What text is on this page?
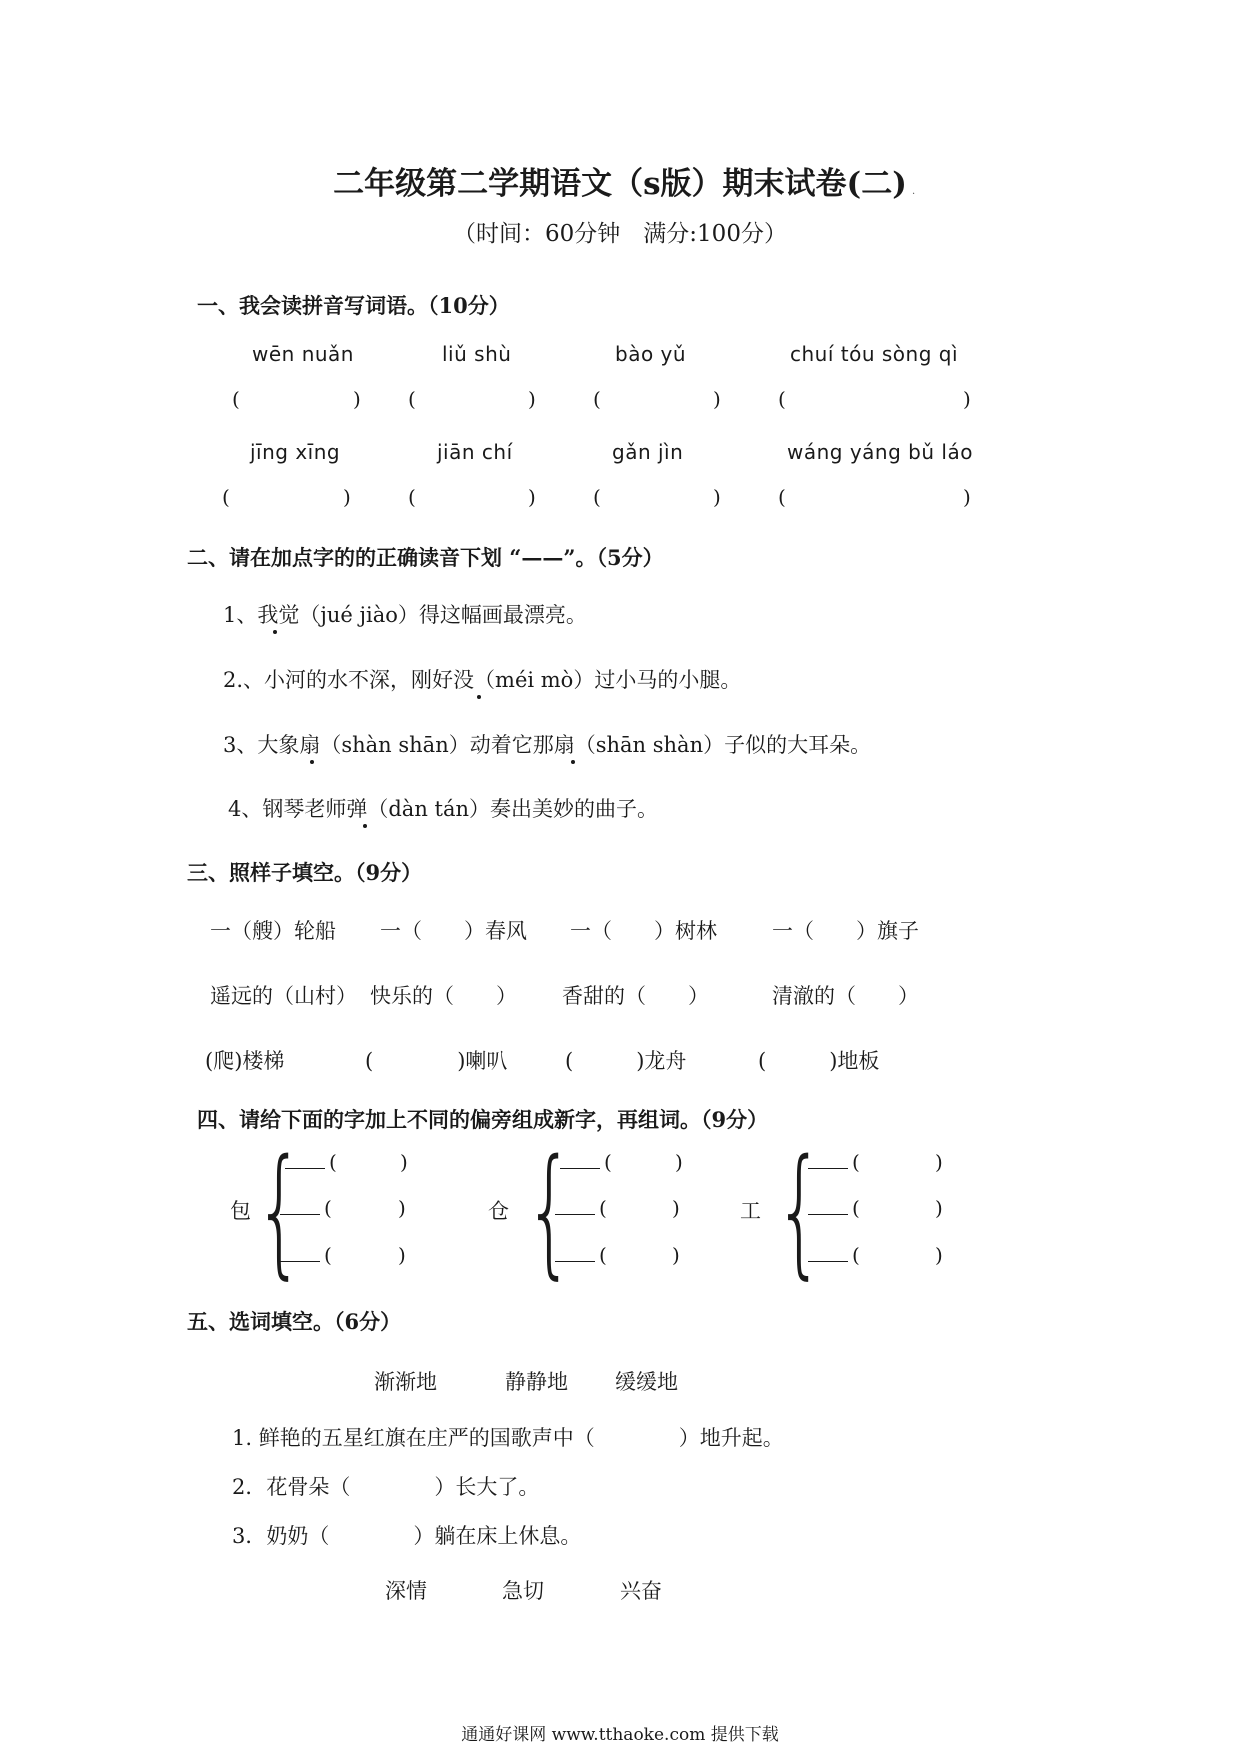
二年级第二学期语文（s版）期末试卷(二) .
（时间：60分钟　满分:100分）
一、我会读拼音写词语。（10分）
wēn nuǎn	liǔ shù	bào yǔ	chuí tóu sòng qì
(	) (	)	(	)	(	)
jīng xīng	jiān chí	gǎn jìn	wáng yáng bǔ láo
(	)	(	)	(	)	(	)
二、请在加点字的的正确读音下划 “——”。（5分）
1、我觉（jué jiào）得这幅画最漂亮。
2.、小河的水不深，刚好没（méi mò）过小马的小腿。
3、大象扇（shàn shān）动着它那扇（shān shàn）子似的大耳朵。
4、钢琴老师弹（dàn tán）奏出美妙的曲子。
三、照样子填空。（9分）
一（艘）轮船 一（　　）春风 一（　　）树林	一（　　）旗子
遥远的（山村） 快乐的（　　） 香甜的（　　）	清澈的（　　）
(爬)楼梯	(　　　　)喇叭	(　　　)龙舟	(　　　)地板
四、请给下面的字加上不同的偏旁组成新字，再组词。（9分）
包 {	(	)
(	)
(	)
仓 {	(	)
(	)
(	)
工 {	(	)
(	)
(	)
五、选词填空。（6分）
渐渐地	静静地 缓缓地
1. 鲜艳的五星红旗在庄严的国歌声中（　　　　）地升起。
2．花骨朵（　　　　）长大了。
3．奶奶（　　　　）躺在床上休息。
深情	急切	兴奋
通通好课网 www.tthaoke.com 提供下载
